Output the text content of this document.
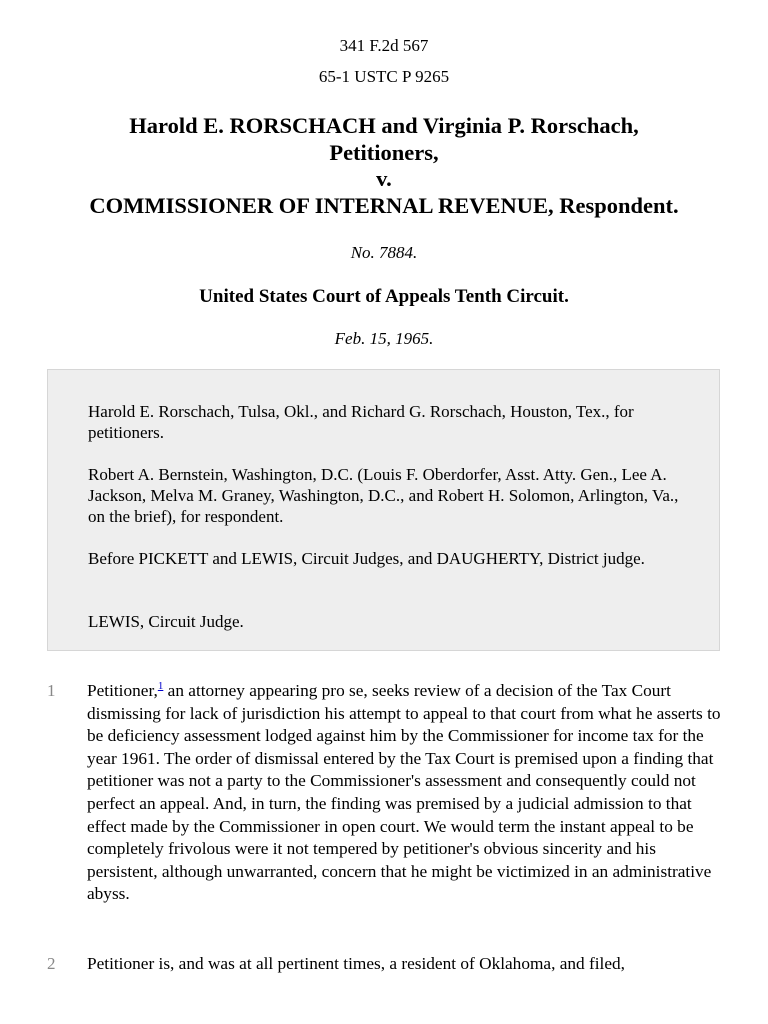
341 F.2d 567
65-1 USTC P 9265
Harold E. RORSCHACH and Virginia P. Rorschach,
Petitioners,
v.
COMMISSIONER OF INTERNAL REVENUE, Respondent.
No. 7884.
United States Court of Appeals Tenth Circuit.
Feb. 15, 1965.

Harold E. Rorschach, Tulsa, Okl., and Richard G. Rorschach, Houston, Tex., for petitioners.

Robert A. Bernstein, Washington, D.C. (Louis F. Oberdorfer, Asst. Atty. Gen., Lee A. Jackson, Melva M. Graney, Washington, D.C., and Robert H. Solomon, Arlington, Va., on the brief), for respondent.

Before PICKETT and LEWIS, Circuit Judges, and DAUGHERTY, District judge.

LEWIS, Circuit Judge.

1 Petitioner,$^1$ an attorney appearing pro se, seeks review of a decision of the Tax Court dismissing for lack of jurisdiction his attempt to appeal to that court from what he asserts to be deficiency assessment lodged against him by the Commissioner for income tax for the year 1961. The order of dismissal entered by the Tax Court is premised upon a finding that petitioner was not a party to the Commissioner's assessment and consequently could not perfect an appeal. And, in turn, the finding was premised by a judicial admission to that effect made by the Commissioner in open court. We would term the instant appeal to be completely frivolous were it not tempered by petitioner's obvious sincerity and his persistent, although unwarranted, concern that he might be victimized in an administrative abyss.

2 Petitioner is, and was at all pertinent times, a resident of Oklahoma, and filed,
